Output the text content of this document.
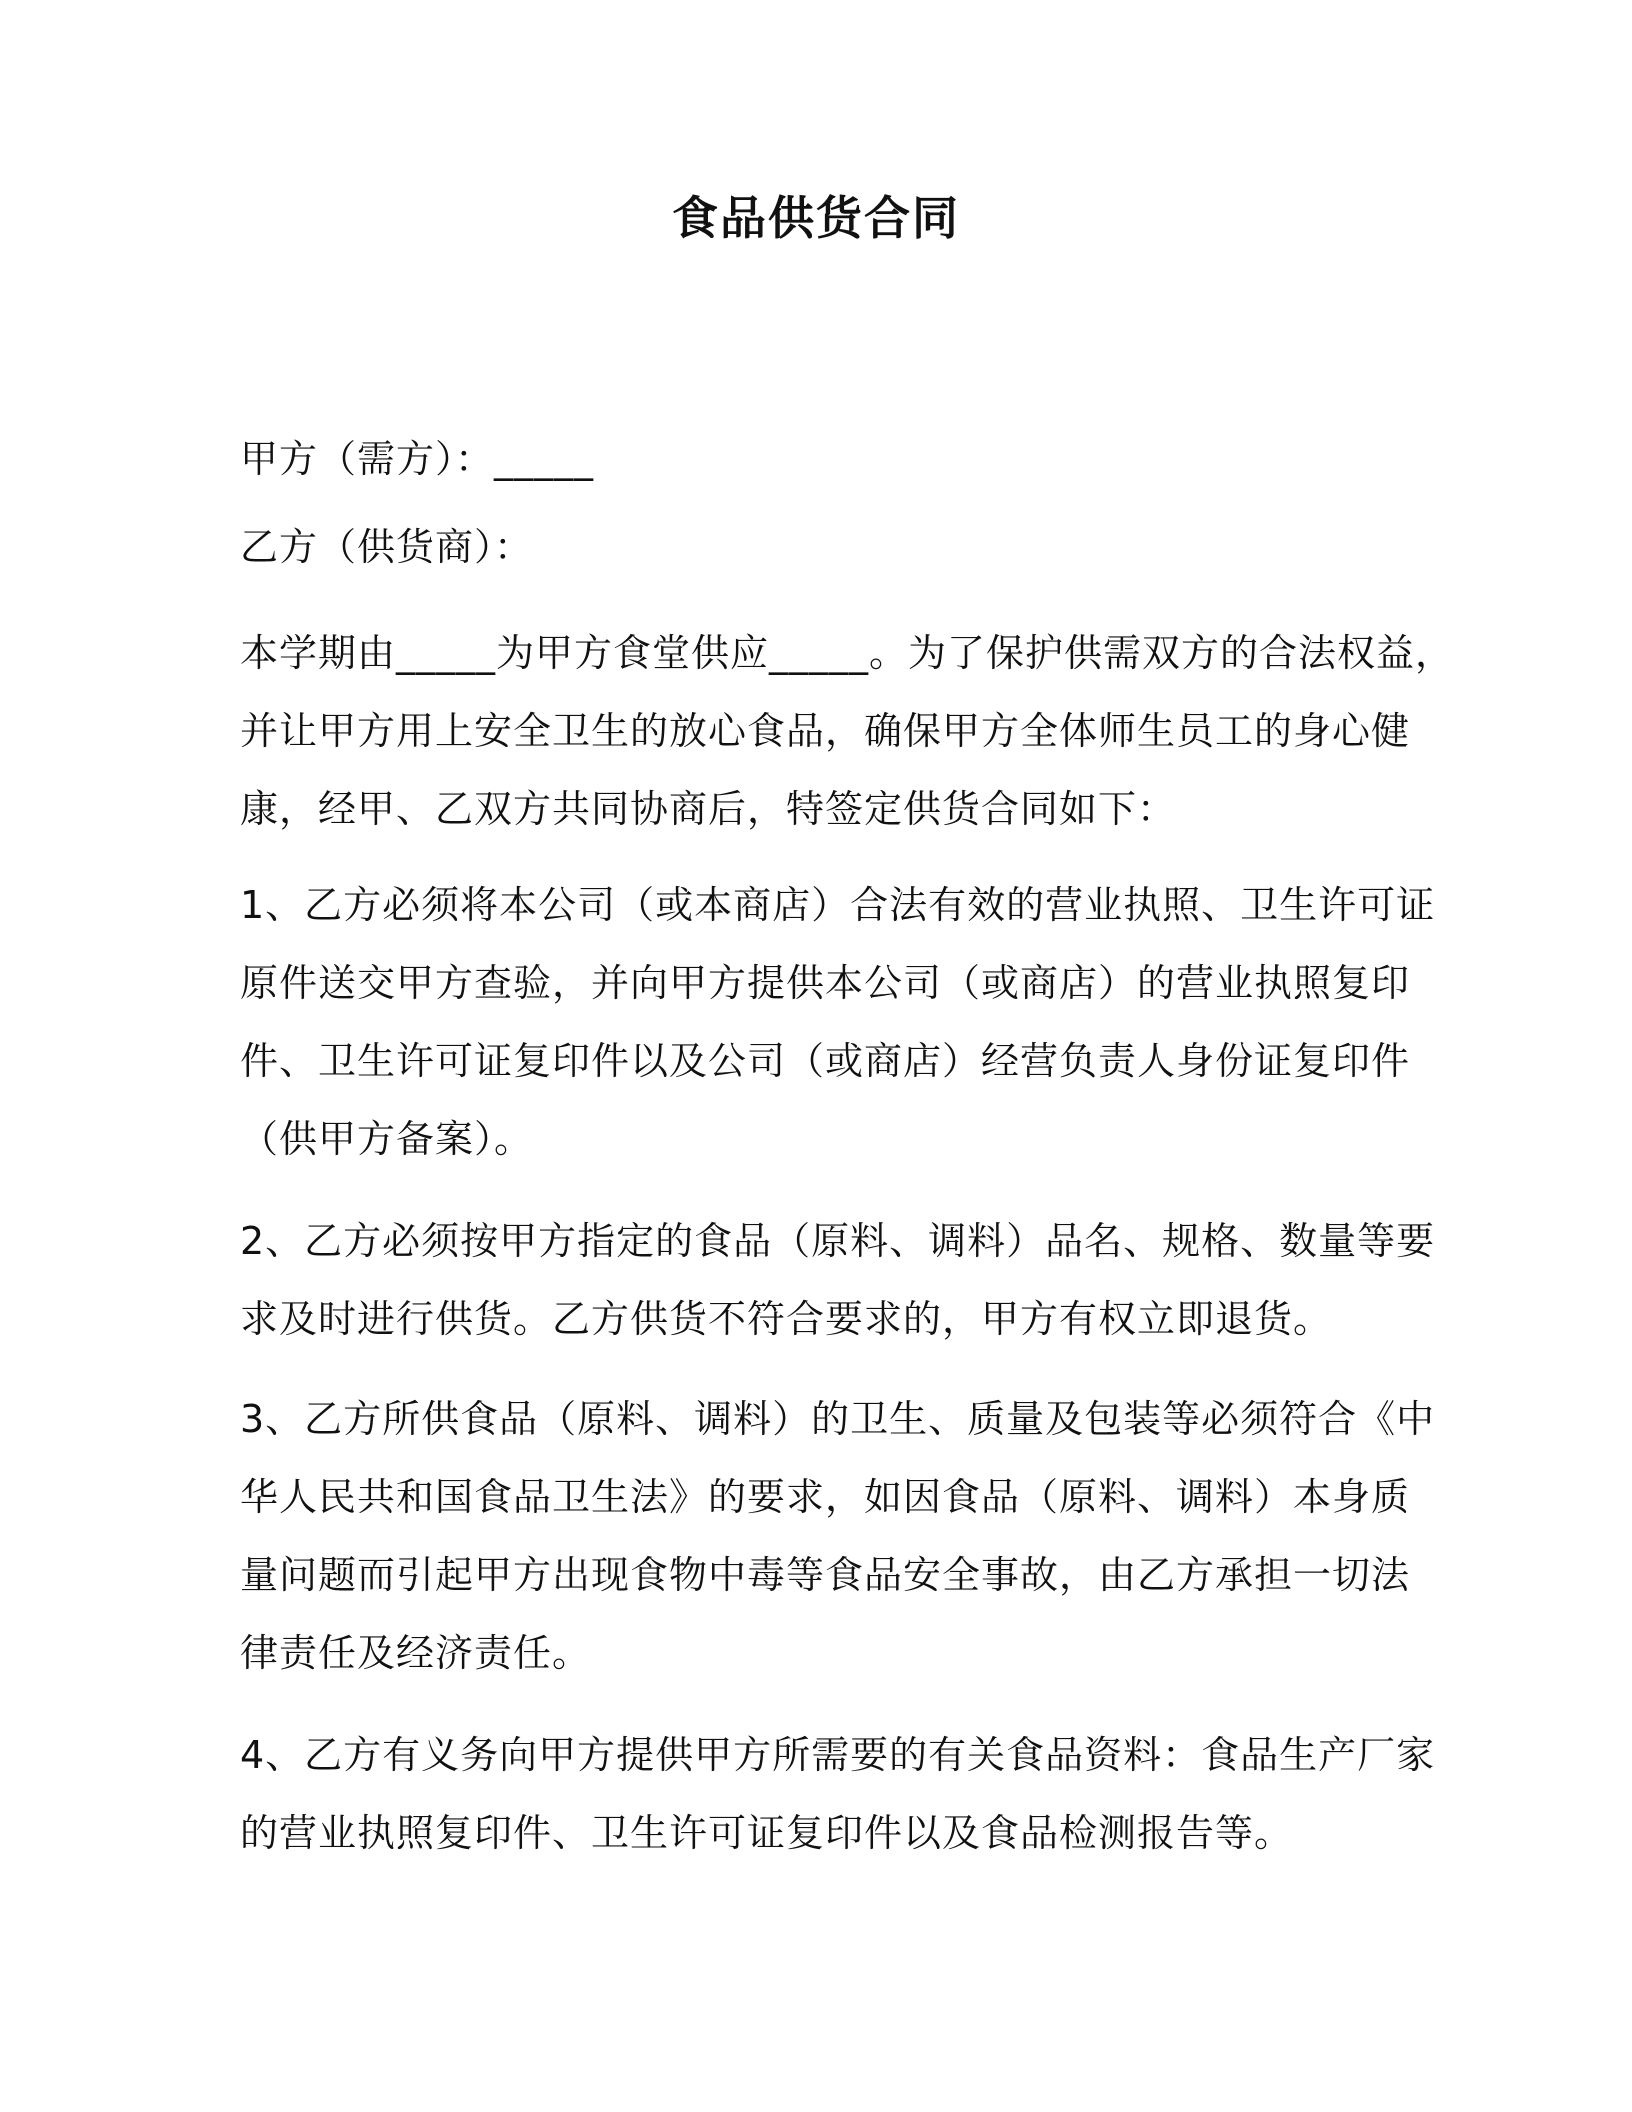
食品供货合同

甲方（需方）：_____

乙方（供货商）：

本学期由_____为甲方食堂供应_____。为了保护供需双方的合法权益，
并让甲方用上安全卫生的放心食品，确保甲方全体师生员工的身心健
康，经甲、乙双方共同协商后，特签定供货合同如下：

1、乙方必须将本公司（或本商店）合法有效的营业执照、卫生许可证
原件送交甲方查验，并向甲方提供本公司（或商店）的营业执照复印
件、卫生许可证复印件以及公司（或商店）经营负责人身份证复印件
（供甲方备案）。

2、乙方必须按甲方指定的食品（原料、调料）品名、规格、数量等要
求及时进行供货。乙方供货不符合要求的，甲方有权立即退货。

3、乙方所供食品（原料、调料）的卫生、质量及包装等必须符合《中
华人民共和国食品卫生法》的要求，如因食品（原料、调料）本身质
量问题而引起甲方出现食物中毒等食品安全事故，由乙方承担一切法
律责任及经济责任。

4、乙方有义务向甲方提供甲方所需要的有关食品资料：食品生产厂家
的营业执照复印件、卫生许可证复印件以及食品检测报告等。
